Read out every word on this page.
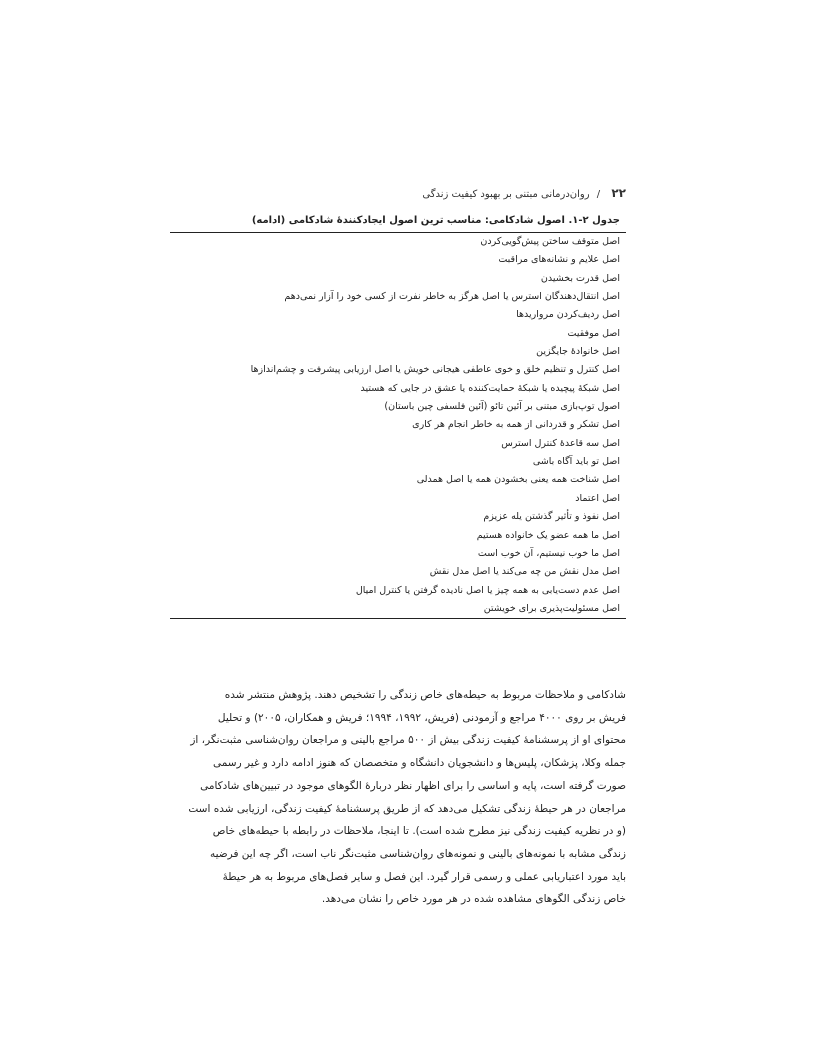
۲۲ / روان‌درمانی مبتنی بر بهبود کیفیت زندگی
جدول ۲-۱. اصول شادکامی: مناسب ترین اصول ایجادکنندهٔ شادکامی (ادامه)
اصل متوقف ساختن پیش‌گویی‌کردن
اصل علایم و نشانه‌های مراقبت
اصل قدرت بخشیدن
اصل انتقال‌دهندگان استرس یا اصل هرگز به خاطر نفرت از کسی خود را آزار نمی‌دهم
اصل ردیف‌کردن مرواریدها
اصل موفقیت
اصل خانوادهٔ جایگزین
اصل کنترل و تنظیم خلق و خوی عاطفی هیجانی خویش یا اصل ارزیابی پیشرفت و چشم‌اندازها
اصل شبکهٔ پیچیده یا شبکهٔ حمایت‌کننده یا عشق در جایی که هستید
اصول توپ‌بازی مبتنی بر آئین تائو (آئین فلسفی چین باستان)
اصل تشکر و قدردانی از همه به خاطر انجام هر کاری
اصل سه قاعدهٔ کنترل استرس
اصل تو باید آگاه باشی
اصل شناخت همه یعنی بخشودن همه یا اصل همدلی
اصل اعتماد
اصل نفوذ و تأثیر گذشتن یله عزیزم
اصل ما همه عضو یک خانواده هستیم
اصل ما خوب نیستیم، آن خوب است
اصل مدل نقش من چه می‌کند یا اصل مدل نقش
اصل عدم دست‌یابی به همه چیز یا اصل نادیده گرفتن یا کنترل امیال
اصل مسئولیت‌پذیری برای خویشتن
شادکامی و ملاحظات مربوط به حیطه‌های خاص زندگی را تشخیص دهند. پژوهش منتشر شده
فریش بر روی ۴۰۰۰ مراجع و آزمودنی (فریش، ۱۹۹۲، ۱۹۹۴؛ فریش و همکاران، ۲۰۰۵) و تحلیل
محتوای او از پرسشنامهٔ کیفیت زندگی بیش از ۵۰۰ مراجع بالینی و مراجعان روان‌شناسی مثبت‌نگر، از
جمله وکلا، پزشکان، پلیس‌ها و دانشجویان دانشگاه و متخصصان که هنوز ادامه دارد و غیر رسمی
صورت گرفته است، پایه و اساسی را برای اظهار نظر دربارهٔ الگوهای موجود در تبیین‌های شادکامی
مراجعان در هر حیطهٔ زندگی تشکیل می‌دهد که از طریق پرسشنامهٔ کیفیت زندگی، ارزیابی شده است
(و در نظریه کیفیت زندگی نیز مطرح شده است). تا اینجا، ملاحظات در رابطه با حیطه‌های خاص
زندگی مشابه با نمونه‌های بالینی و نمونه‌های روان‌شناسی مثبت‌نگر ناب است، اگر چه این فرضیه
باید مورد اعتباریابی عملی و رسمی قرار گیرد. این فصل و سایر فصل‌های مربوط به هر حیطهٔ
خاص زندگی الگوهای مشاهده شده در هر مورد خاص را نشان می‌دهد.
